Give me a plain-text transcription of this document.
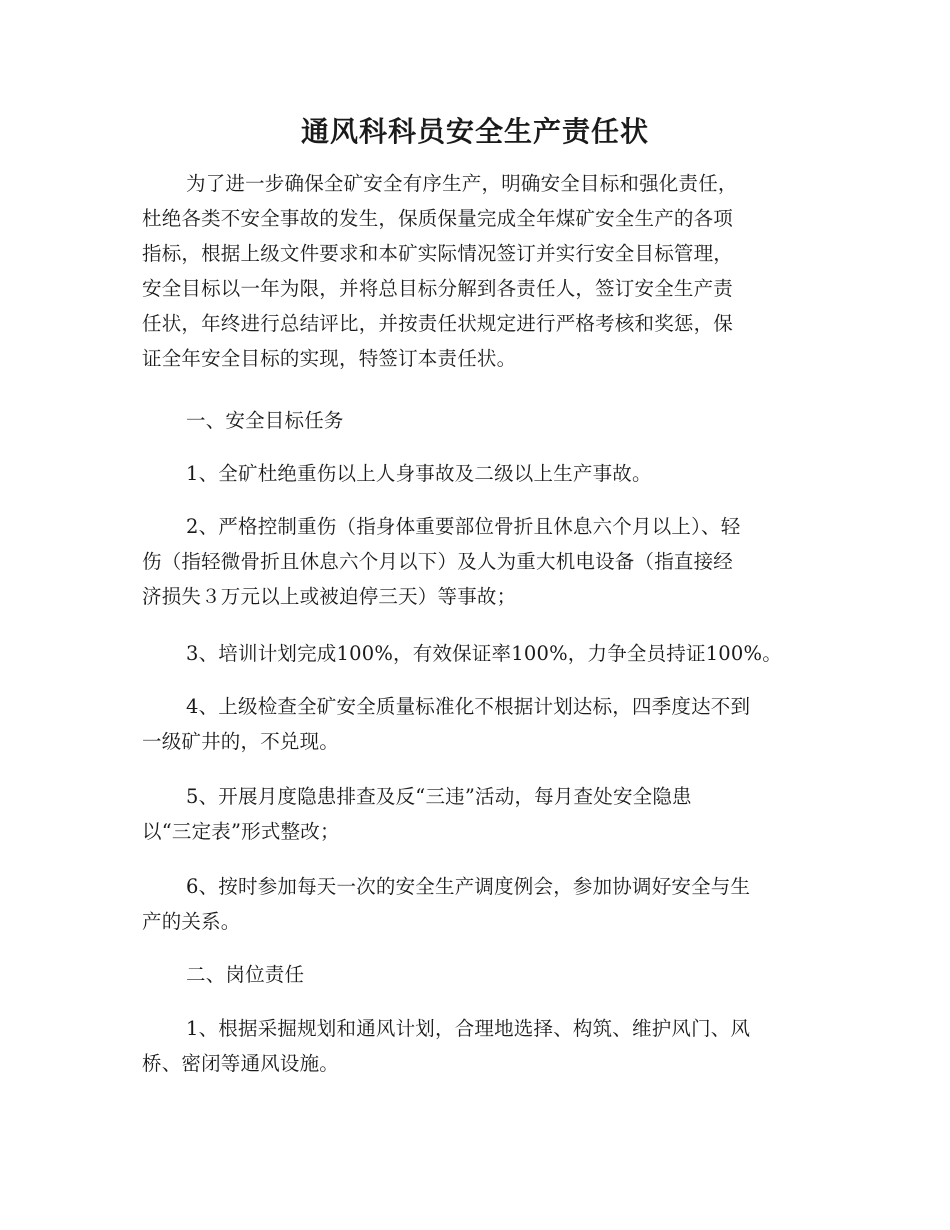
通风科科员安全生产责任状
为了进一步确保全矿安全有序生产，明确安全目标和强化责任，
杜绝各类不安全事故的发生，保质保量完成全年煤矿安全生产的各项
指标，根据上级文件要求和本矿实际情况签订并实行安全目标管理，
安全目标以一年为限，并将总目标分解到各责任人，签订安全生产责
任状，年终进行总结评比，并按责任状规定进行严格考核和奖惩，保
证全年安全目标的实现，特签订本责任状。
一、安全目标任务
1、全矿杜绝重伤以上人身事故及二级以上生产事故。
2、严格控制重伤（指身体重要部位骨折且休息六个月以上）、轻
伤（指轻微骨折且休息六个月以下）及人为重大机电设备（指直接经
济损失３万元以上或被迫停三天）等事故；
3、培训计划完成100%，有效保证率100%，力争全员持证100%。
4、上级检查全矿安全质量标准化不根据计划达标，四季度达不到
一级矿井的，不兑现。
5、开展月度隐患排查及反“三违”活动，每月查处安全隐患
以“三定表”形式整改；
6、按时参加每天一次的安全生产调度例会，参加协调好安全与生
产的关系。
二、岗位责任
1、根据采掘规划和通风计划，合理地选择、构筑、维护风门、风
桥、密闭等通风设施。
